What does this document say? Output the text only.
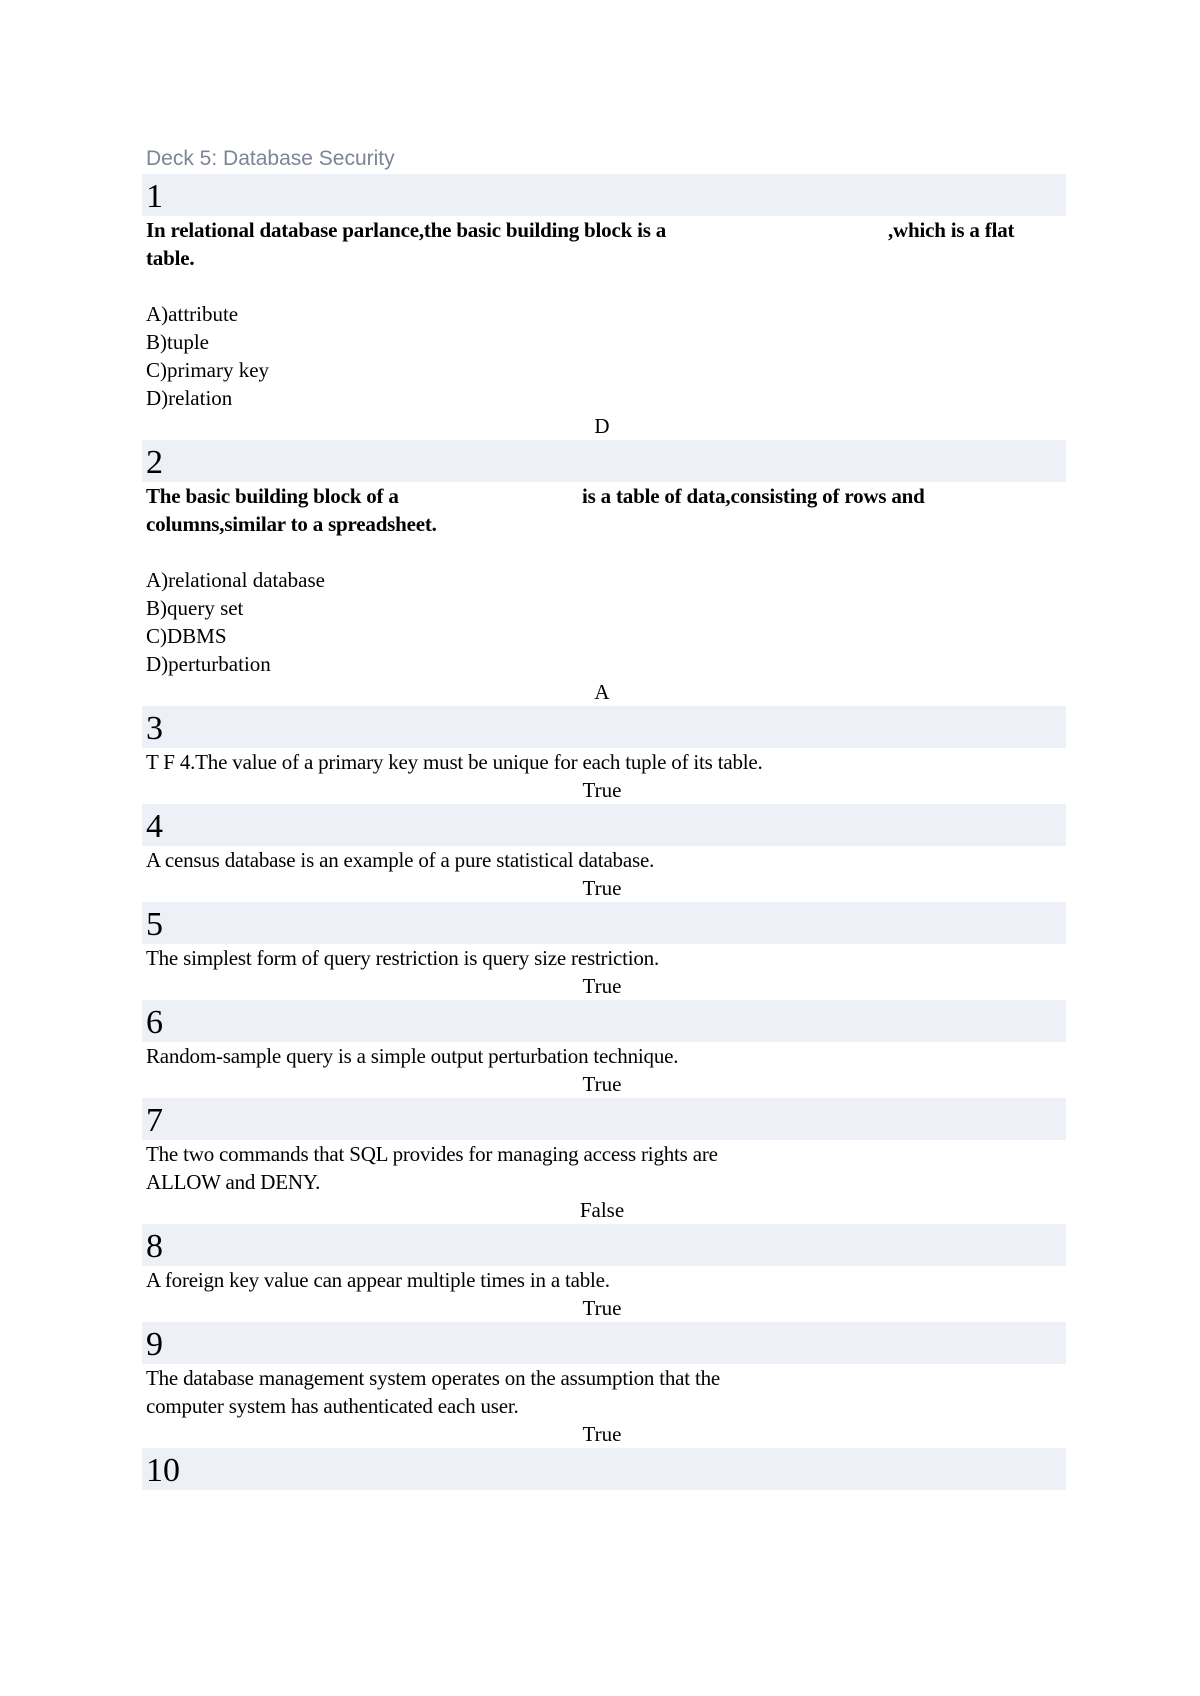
Deck 5: Database Security
1
In relational database parlance,the basic building block is a	,which is a flat
table.
A)attribute
B)tuple
C)primary key
D)relation
D
2
The basic building block of a	is a table of data,consisting of rows and
columns,similar to a spreadsheet.
A)relational database
B)query set
C)DBMS
D)perturbation
A
3
T F 4.The value of a primary key must be unique for each tuple of its table.
True
4
A census database is an example of a pure statistical database.
True
5
The simplest form of query restriction is query size restriction.
True
6
Random-sample query is a simple output perturbation technique.
True
7
The two commands that SQL provides for managing access rights are
ALLOW and DENY.
False
8
A foreign key value can appear multiple times in a table.
True
9
The database management system operates on the assumption that the
computer system has authenticated each user.
True
10
